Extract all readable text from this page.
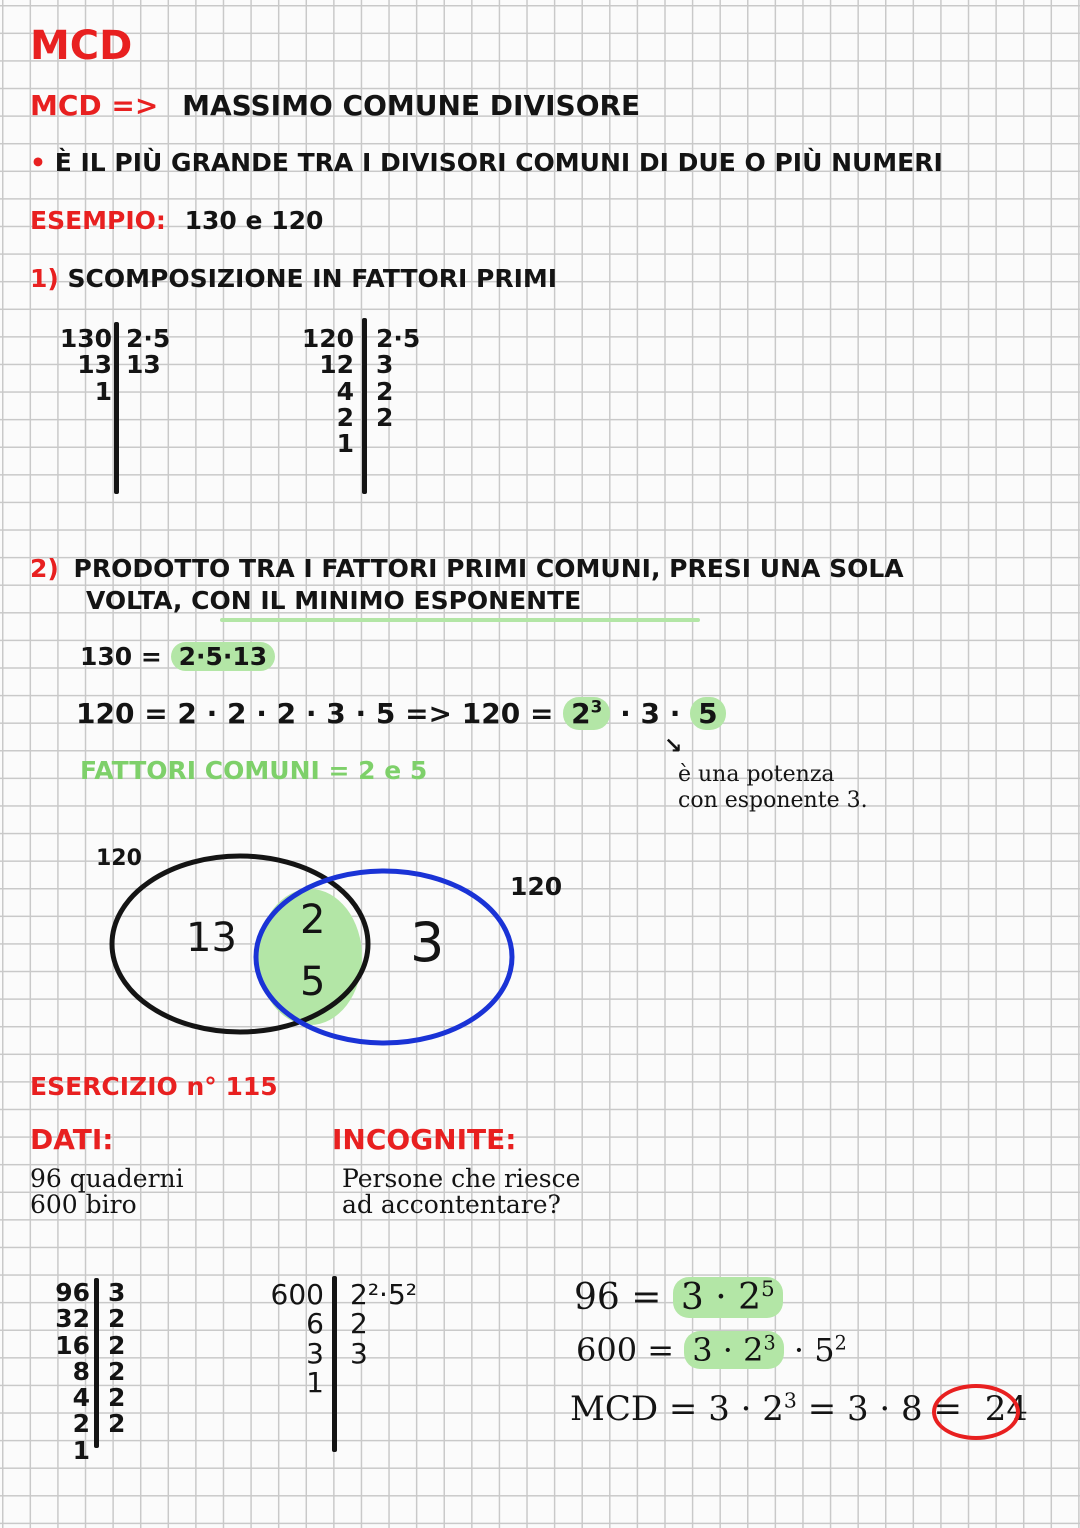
MCD
MCD => MASSIMO COMUNE DIVISORE
• È IL PIÙ GRANDE TRA I DIVISORI COMUNI DI DUE O PIÙ NUMERI
ESEMPIO: 130 e 120
1) SCOMPOSIZIONE IN FATTORI PRIMI
130
13
1
2·5
13
120
12
4
2
1
2·5
3
2
2
2) PRODOTTO TRA I FATTORI PRIMI COMUNI, PRESI UNA SOLA
VOLTA, CON IL MINIMO ESPONENTE
130 = 2·5·13
$120 = 2 \cdot 2 \cdot 2 \cdot 3 \cdot 5 => 120 = 2^3 \cdot 3 \cdot 5$
FATTORI COMUNI = 2 e 5
↘
è una potenza
con esponente 3.
120
120
13 2
5
3
ESERCIZIO n° 115
DATI:
96 quaderni
600 biro
INCOGNITE:
Persone che riesce
ad accontentare?
96
32
16
8
4
2
1
3
2
2
2
2
2
600
6
3
1
2²·5²
2
3
$96 = 3 \cdot 2^5$
$600 = 3 \cdot 2^3 \cdot 5^2$
MCD = $3 \cdot 2^3 = 3 \cdot 8 = 24$
